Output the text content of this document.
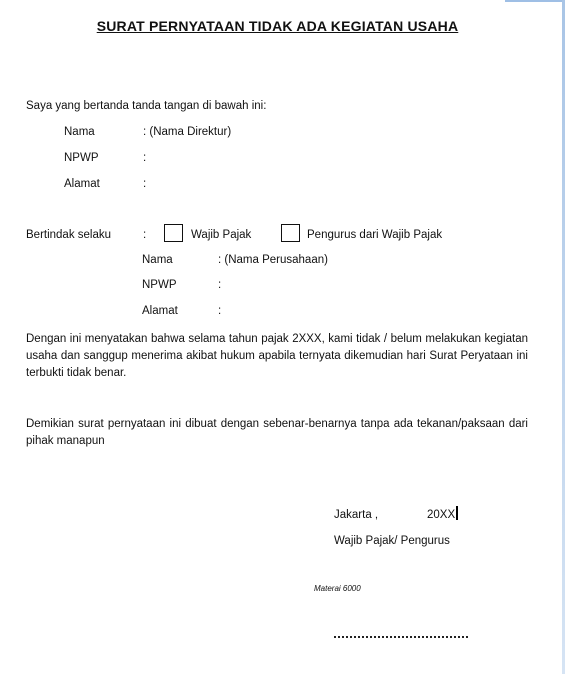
SURAT PERNYATAAN TIDAK ADA KEGIATAN USAHA
Saya yang bertanda tanda tangan di bawah ini:
Nama	: (Nama Direktur)
NPWP	:
Alamat	:
Bertindak selaku	:	Wajib Pajak	Pengurus dari Wajib Pajak
Nama	: (Nama Perusahaan)
NPWP	:
Alamat	:
Dengan ini menyatakan bahwa selama tahun pajak 2XXX, kami tidak / belum melakukan kegiatan usaha dan sanggup menerima akibat hukum apabila ternyata dikemudian hari Surat Peryataan ini terbukti tidak benar.
Demikian surat pernyataan ini dibuat dengan sebenar-benarnya tanpa ada tekanan/paksaan dari pihak manapun
Jakarta ,	20XX
Wajib Pajak/ Pengurus
Materai 6000
